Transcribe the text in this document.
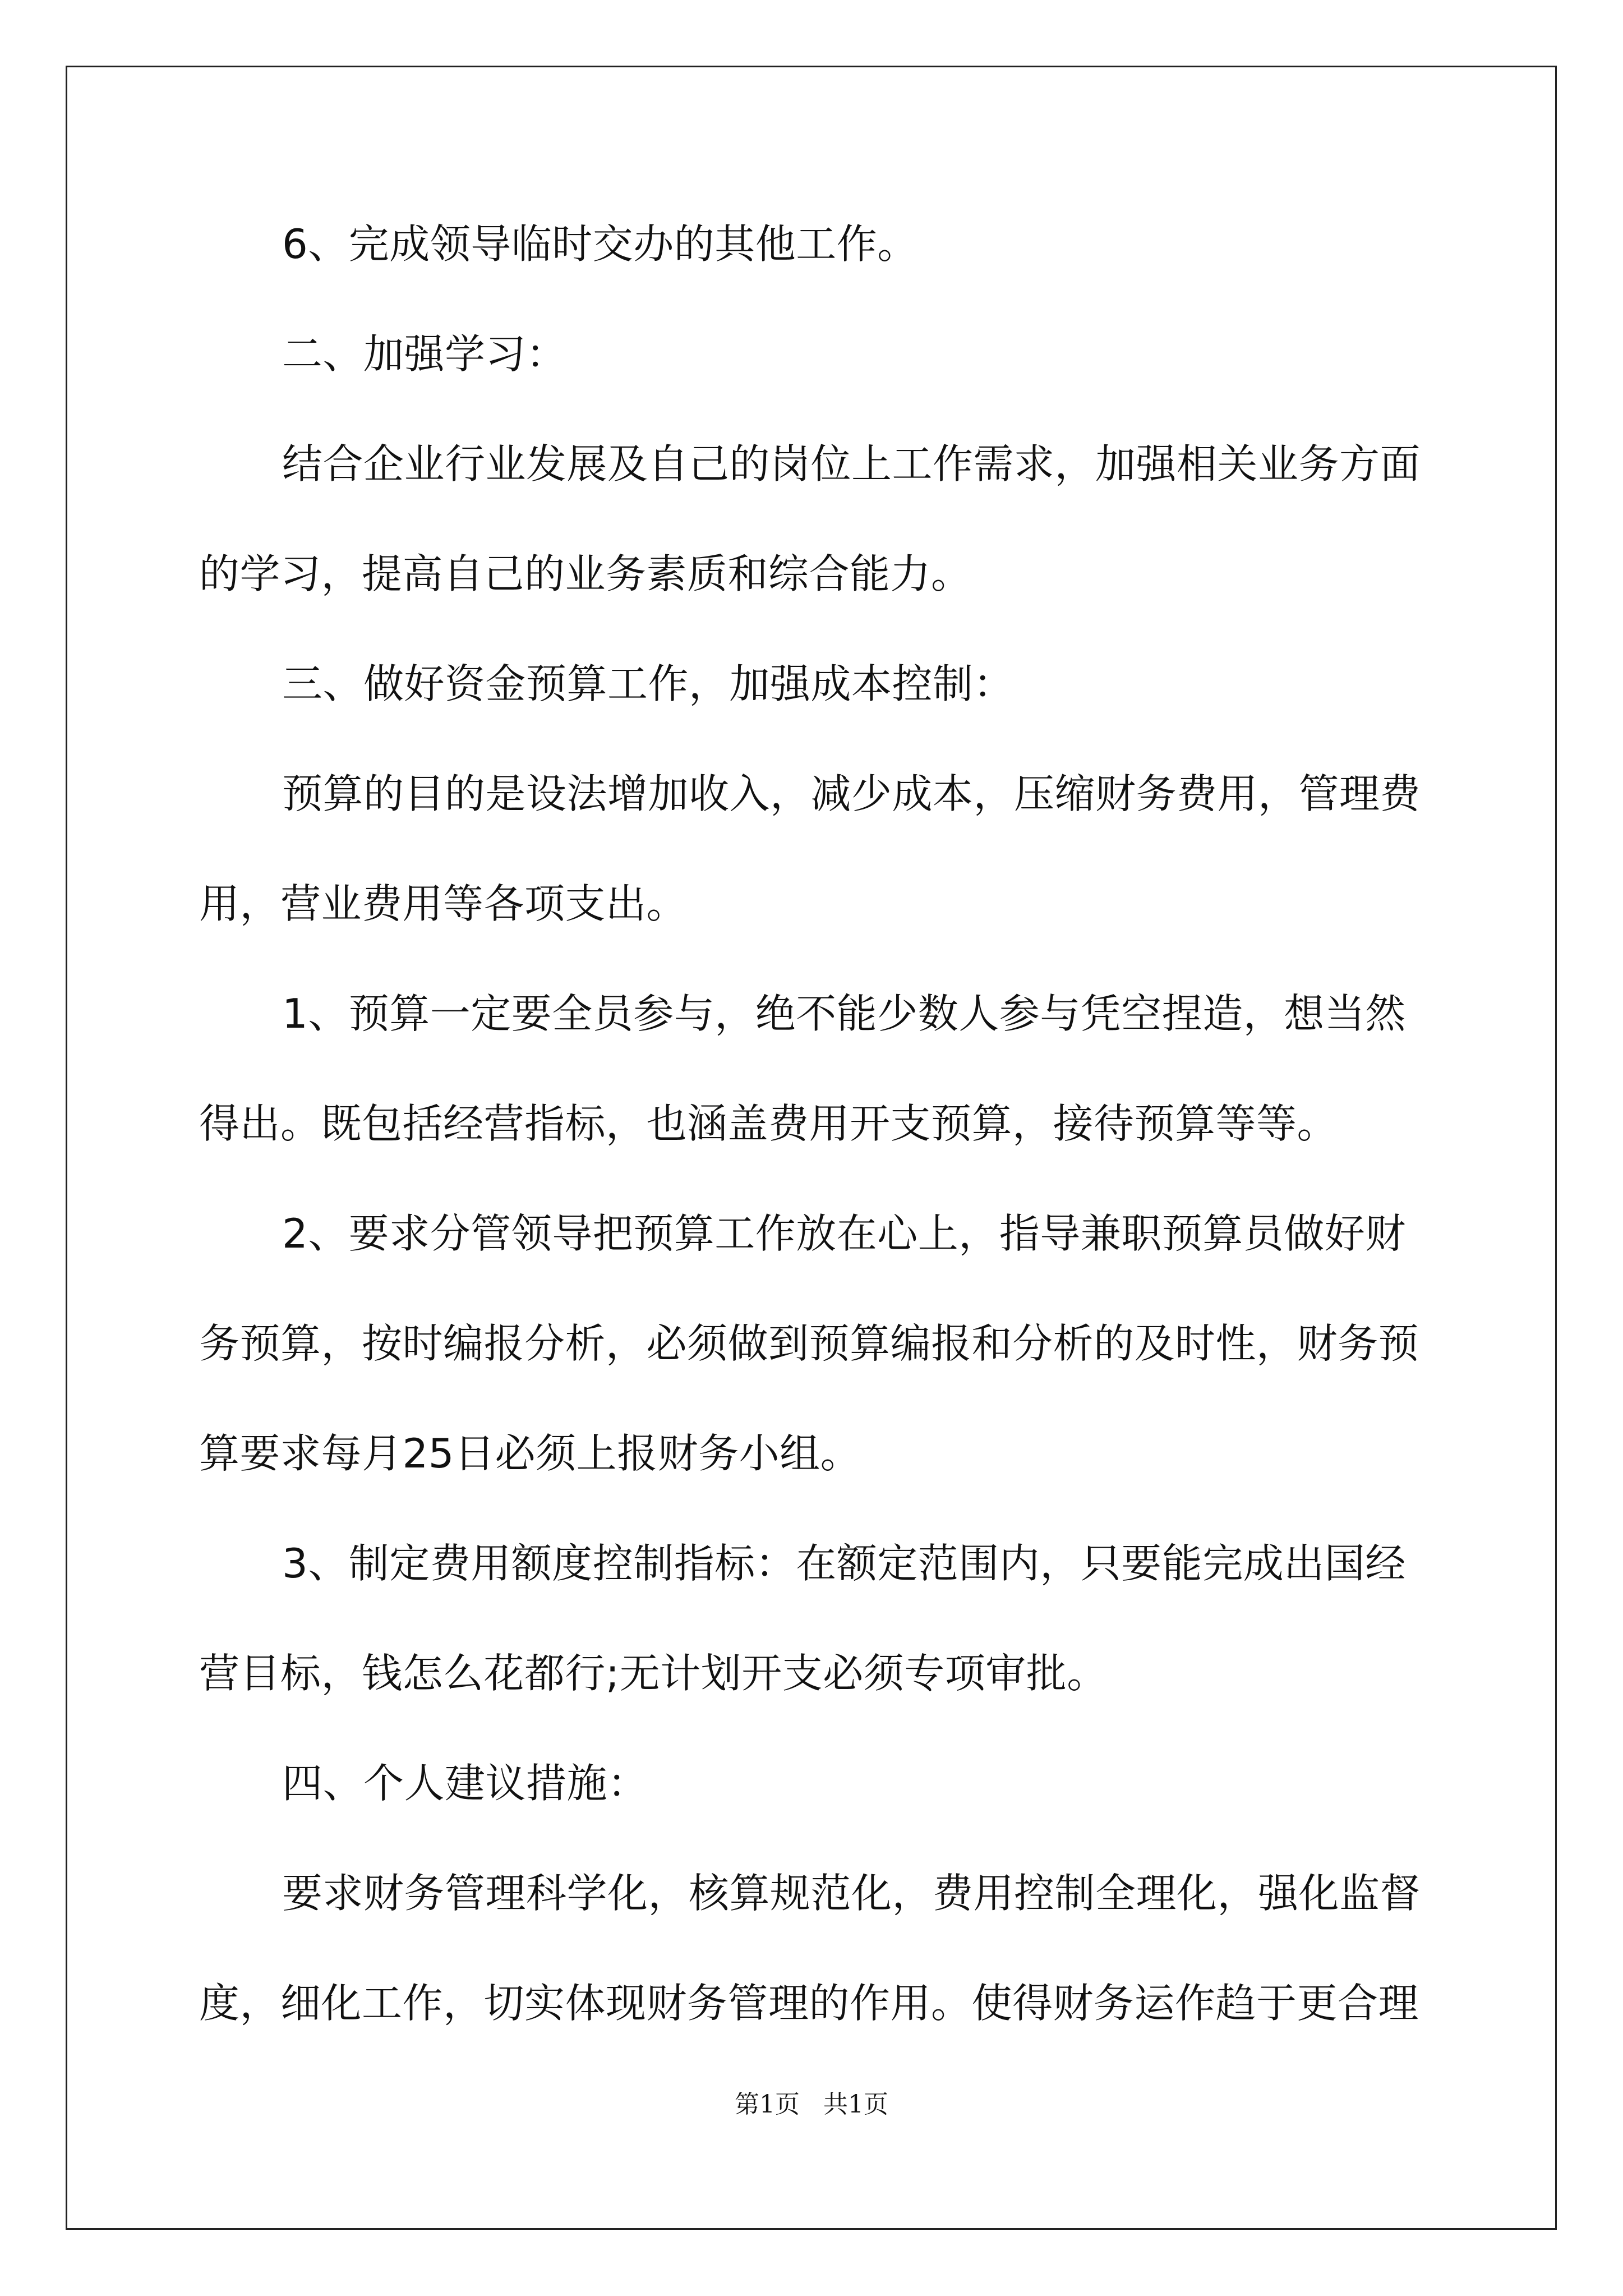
6、完成领导临时交办的其他工作。

二、加强学习：

结合企业行业发展及自己的岗位上工作需求，加强相关业务方面的学习，提高自己的业务素质和综合能力。

三、做好资金预算工作，加强成本控制：

预算的目的是设法增加收入，减少成本，压缩财务费用，管理费用，营业费用等各项支出。

1、预算一定要全员参与，绝不能少数人参与凭空捏造，想当然得出。既包括经营指标，也涵盖费用开支预算，接待预算等等。

2、要求分管领导把预算工作放在心上，指导兼职预算员做好财务预算，按时编报分析，必须做到预算编报和分析的及时性，财务预算要求每月25日必须上报财务小组。

3、制定费用额度控制指标：在额定范围内，只要能完成出国经营目标，钱怎么花都行;无计划开支必须专项审批。

四、个人建议措施：

要求财务管理科学化，核算规范化，费用控制全理化，强化监督度，细化工作，切实体现财务管理的作用。使得财务运作趋于更合理

第1页 共1页
